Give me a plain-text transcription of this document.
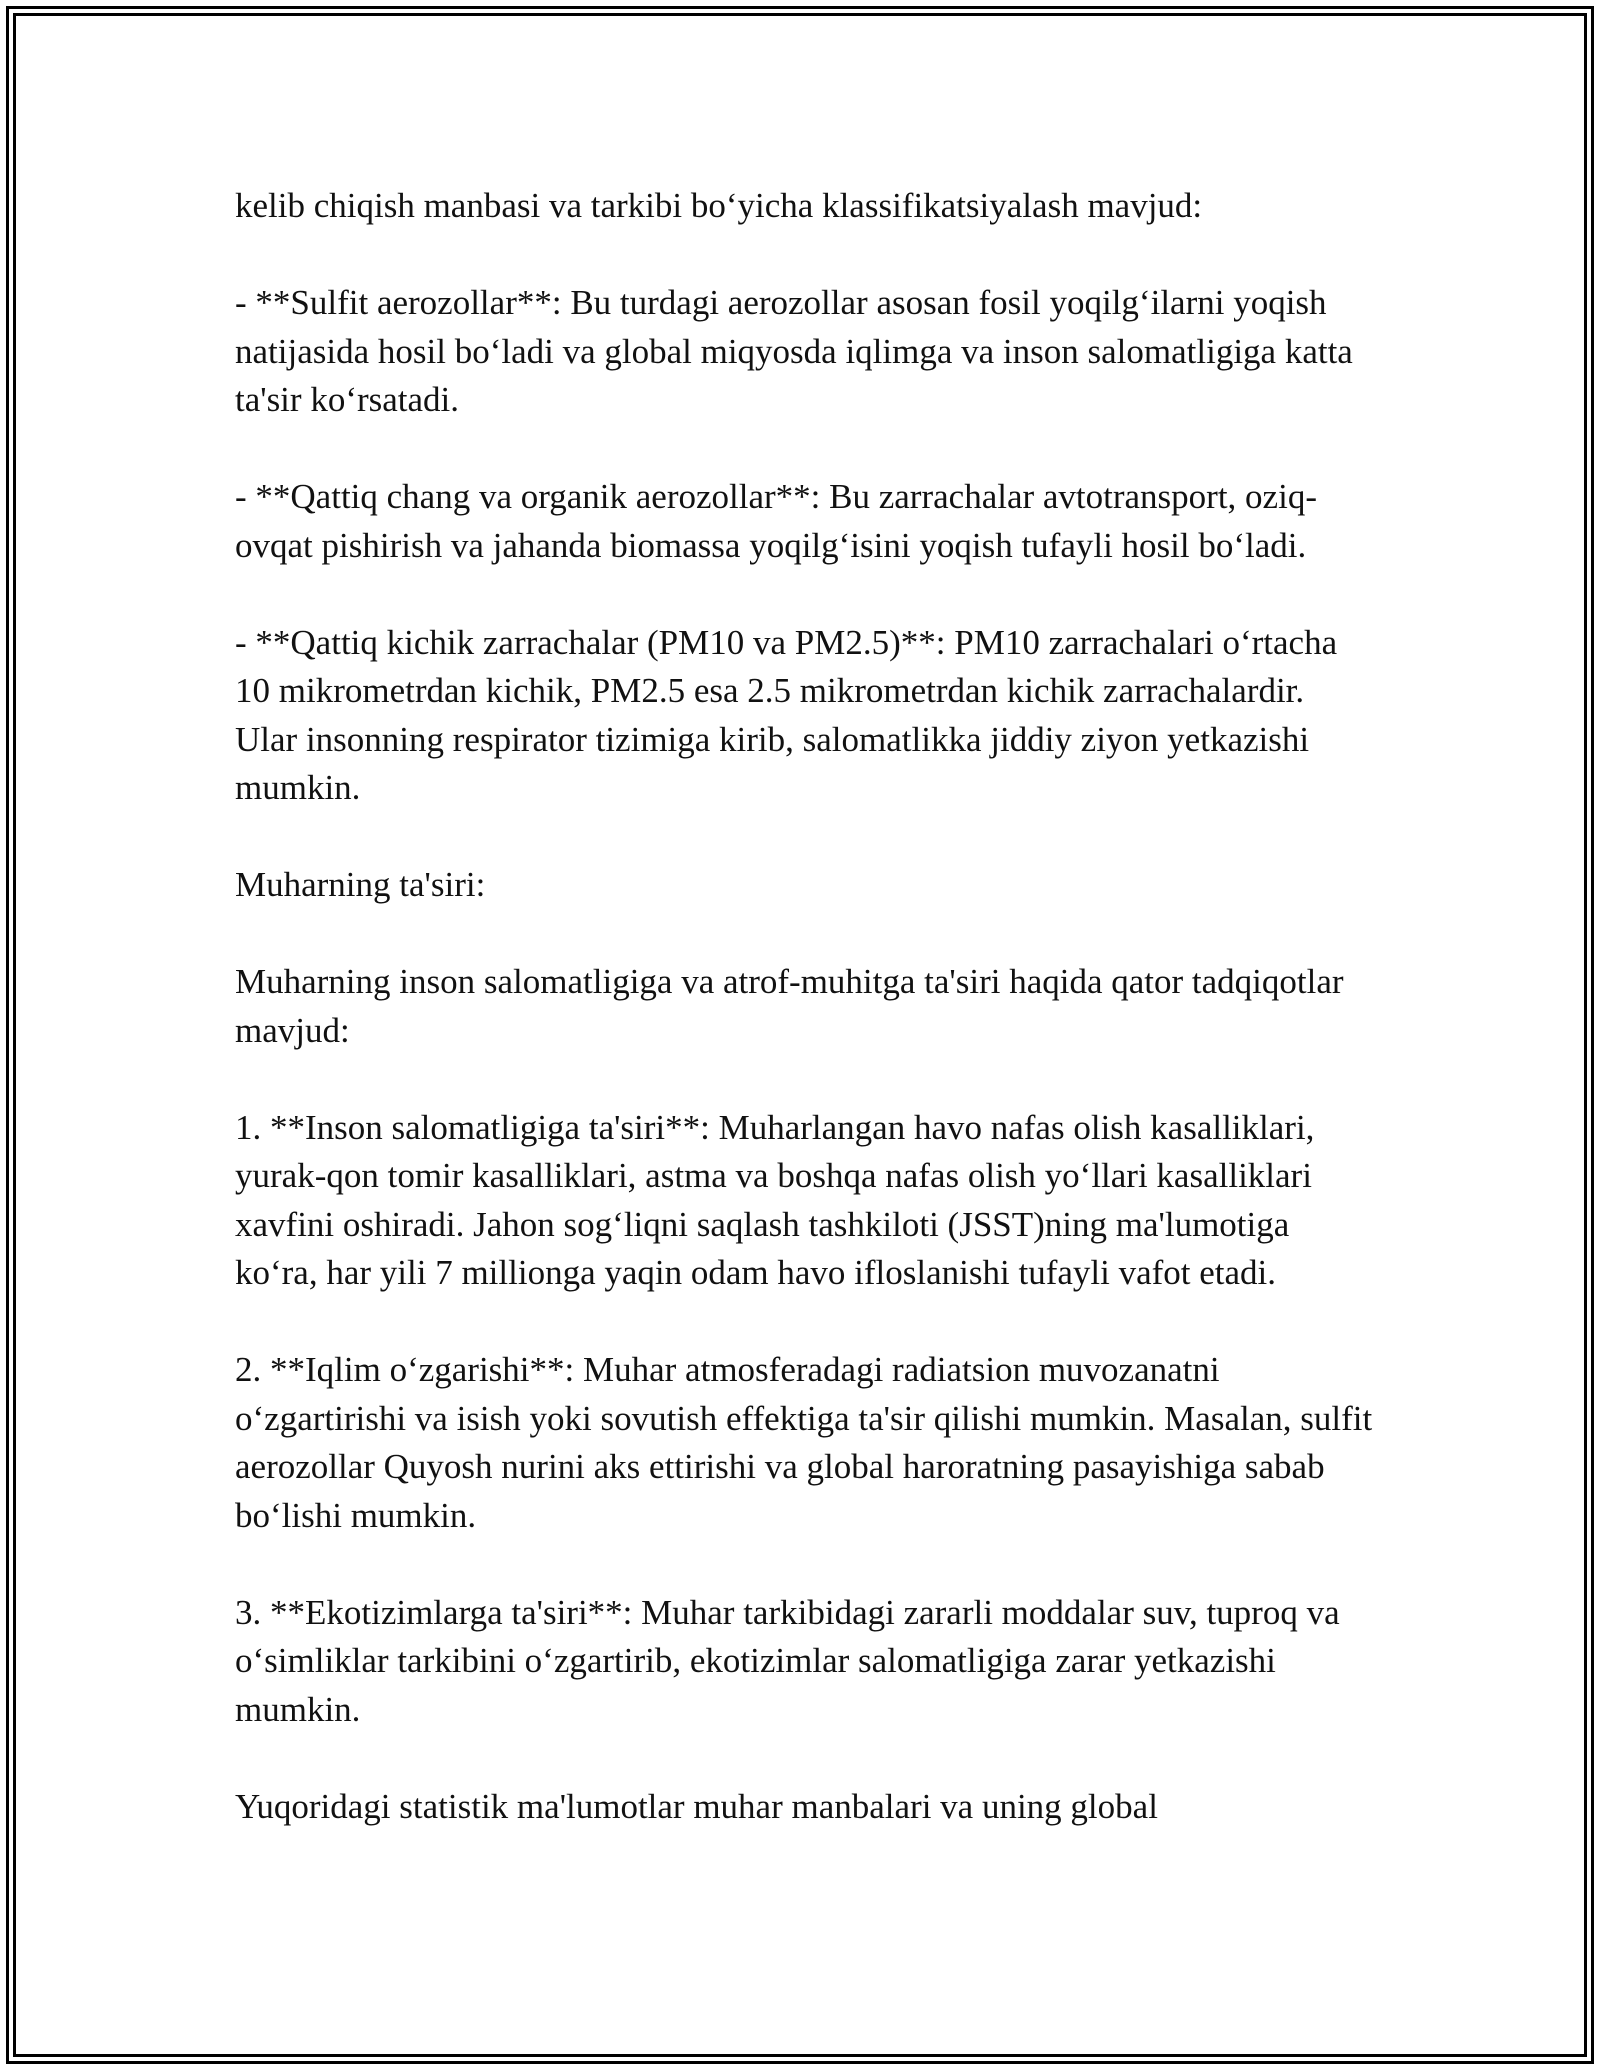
kelib chiqish manbasi va tarkibi bo‘yicha klassifikatsiyalash mavjud:

- **Sulfit aerozollar**: Bu turdagi aerozollar asosan fosil yoqilg‘ilarni yoqish natijasida hosil bo‘ladi va global miqyosda iqlimga va inson salomatligiga katta ta'sir ko‘rsatadi.

- **Qattiq chang va organik aerozollar**: Bu zarrachalar avtotransport, oziq-ovqat pishirish va jahanda biomassa yoqilg‘isini yoqish tufayli hosil bo‘ladi.

- **Qattiq kichik zarrachalar (PM10 va PM2.5)**: PM10 zarrachalari o‘rtacha 10 mikrometrdan kichik, PM2.5 esa 2.5 mikrometrdan kichik zarrachalardir. Ular insonning respirator tizimiga kirib, salomatlikka jiddiy ziyon yetkazishi mumkin.

Muharning ta'siri:

Muharning inson salomatligiga va atrof-muhitga ta'siri haqida qator tadqiqotlar mavjud:

1. **Inson salomatligiga ta'siri**: Muharlangan havo nafas olish kasalliklari, yurak-qon tomir kasalliklari, astma va boshqa nafas olish yo‘llari kasalliklari xavfini oshiradi. Jahon sog‘liqni saqlash tashkiloti (JSST)ning ma'lumotiga ko‘ra, har yili 7 millionga yaqin odam havo ifloslanishi tufayli vafot etadi.

2. **Iqlim o‘zgarishi**: Muhar atmosferadagi radiatsion muvozanatni o‘zgartirishi va isish yoki sovutish effektiga ta'sir qilishi mumkin. Masalan, sulfit aerozollar Quyosh nurini aks ettirishi va global haroratning pasayishiga sabab bo‘lishi mumkin.

3. **Ekotizimlarga ta'siri**: Muhar tarkibidagi zararli moddalar suv, tuproq va o‘simliklar tarkibini o‘zgartirib, ekotizimlar salomatligiga zarar yetkazishi mumkin.

Yuqoridagi statistik ma'lumotlar muhar manbalari va uning global
